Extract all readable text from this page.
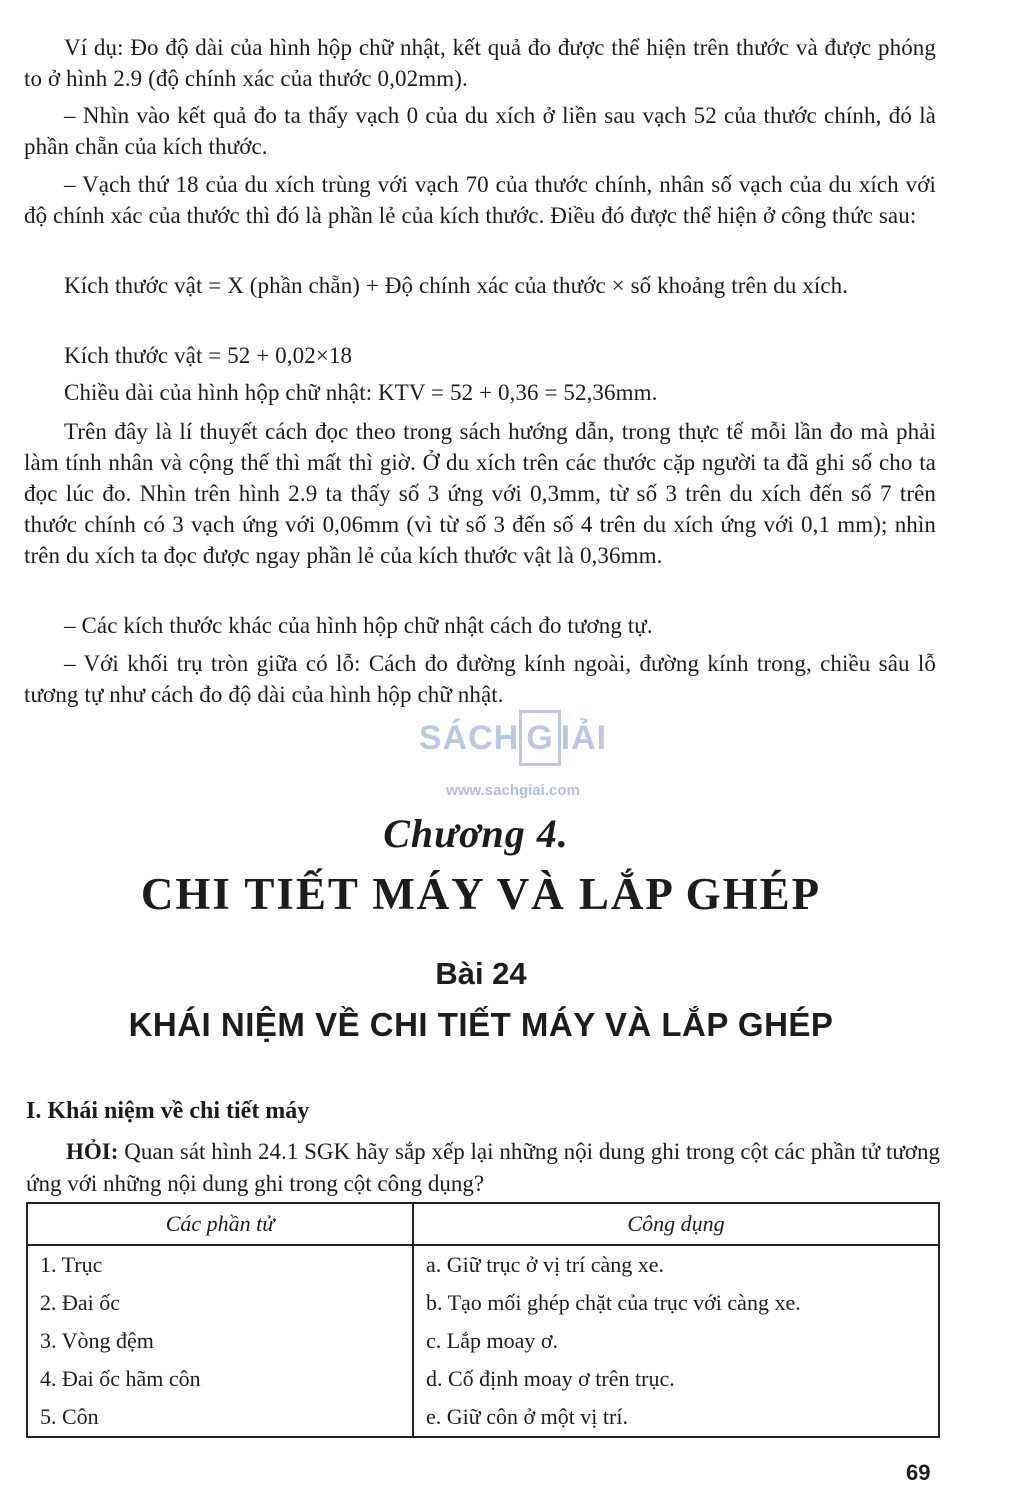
Ví dụ: Đo độ dài của hình hộp chữ nhật, kết quả đo được thể hiện trên thước và được phóng to ở hình 2.9 (độ chính xác của thước 0,02mm).

– Nhìn vào kết quả đo ta thấy vạch 0 của du xích ở liền sau vạch 52 của thước chính, đó là phần chẵn của kích thước.

– Vạch thứ 18 của du xích trùng với vạch 70 của thước chính, nhân số vạch của du xích với độ chính xác của thước thì đó là phần lẻ của kích thước. Điều đó được thể hiện ở công thức sau:

Kích thước vật = X (phần chẵn) + Độ chính xác của thước × số khoảng trên du xích.

Kích thước vật = 52 + 0,02×18

Chiều dài của hình hộp chữ nhật: KTV = 52 + 0,36 = 52,36mm.

Trên đây là lí thuyết cách đọc theo trong sách hướng dẫn, trong thực tế mỗi lần đo mà phải làm tính nhân và cộng thế thì mất thì giờ. Ở du xích trên các thước cặp người ta đã ghi số cho ta đọc lúc đo. Nhìn trên hình 2.9 ta thấy số 3 ứng với 0,3mm, từ số 3 trên du xích đến số 7 trên thước chính có 3 vạch ứng với 0,06mm (vì từ số 3 đến số 4 trên du xích ứng với 0,1 mm); nhìn trên du xích ta đọc được ngay phần lẻ của kích thước vật là 0,36mm.

– Các kích thước khác của hình hộp chữ nhật cách đo tương tự.

– Với khối trụ tròn giữa có lỗ: Cách đo đường kính ngoài, đường kính trong, chiều sâu lỗ tương tự như cách đo độ dài của hình hộp chữ nhật.

SÁCH G IẢI
www.sachgiai.com
Chương 4.
CHI TIẾT MÁY VÀ LẮP GHÉP
Bài 24
KHÁI NIỆM VỀ CHI TIẾT MÁY VÀ LẮP GHÉP
I. Khái niệm về chi tiết máy
HỎI: Quan sát hình 24.1 SGK hãy sắp xếp lại những nội dung ghi trong cột các phần tử tương ứng với những nội dung ghi trong cột công dụng?
Các phần tử	Công dụng
1. Trục	a. Giữ trục ở vị trí càng xe.
2. Đai ốc	b. Tạo mối ghép chặt của trục với càng xe.
3. Vòng đệm	c. Lắp moay ơ.
4. Đai ốc hãm côn	d. Cố định moay ơ trên trục.
5. Côn	e. Giữ côn ở một vị trí.
69
